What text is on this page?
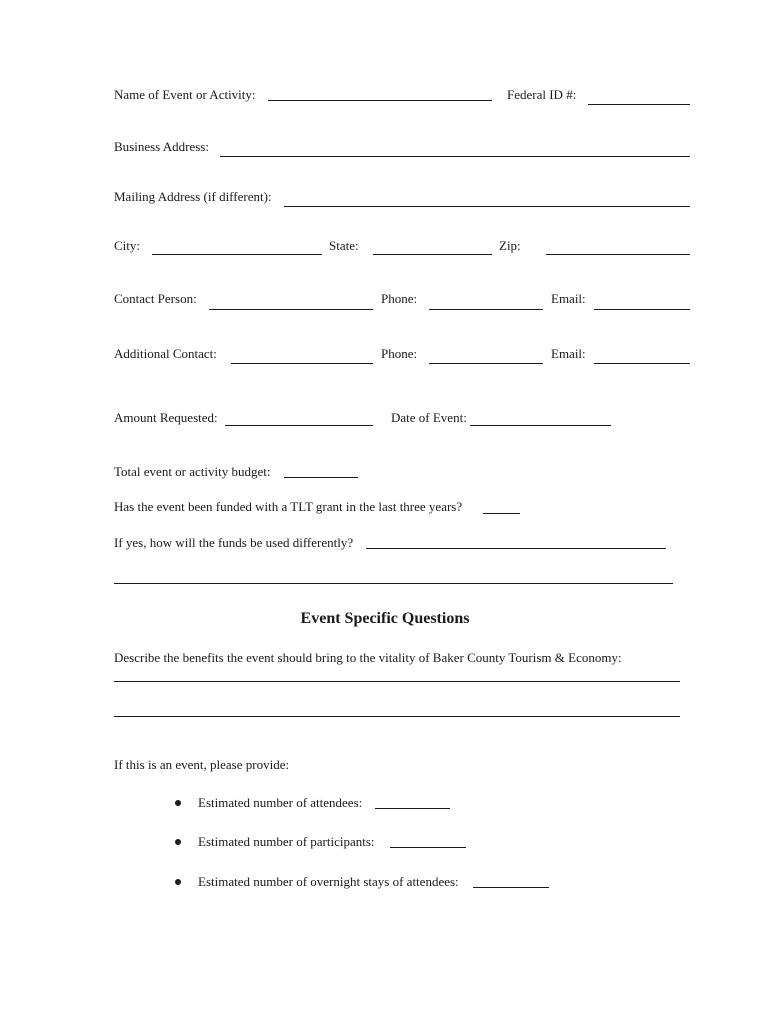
Name of Event or Activity:	Federal ID #:
Business Address:
Mailing Address (if different):
City:	State:	Zip:
Contact Person:	Phone:	Email:
Additional Contact:	Phone:	Email:
Amount Requested:	Date of Event:
Total event or activity budget:
Has the event been funded with a TLT grant in the last three years?
If yes, how will the funds be used differently?
Event Specific Questions
Describe the benefits the event should bring to the vitality of Baker County Tourism & Economy:
If this is an event, please provide:
Estimated number of attendees:
Estimated number of participants:
Estimated number of overnight stays of attendees:
